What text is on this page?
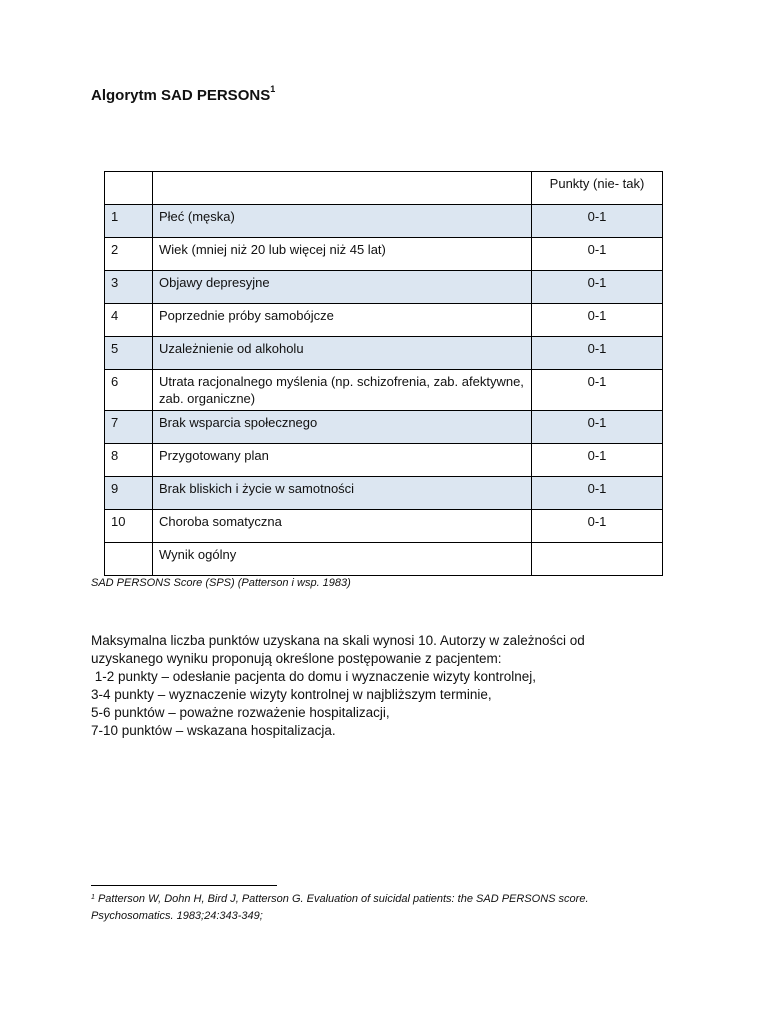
Algorytm SAD PERSONS$^1$
		Punkty (nie- tak)
1	Płeć (męska)	0-1
2	Wiek (mniej niż 20 lub więcej niż 45 lat)	0-1
3	Objawy depresyjne	0-1
4	Poprzednie próby samobójcze	0-1
5	Uzależnienie od alkoholu	0-1
6	Utrata racjonalnego myślenia (np. schizofrenia, zab. afektywne, zab. organiczne)	0-1
7	Brak wsparcia społecznego	0-1
8	Przygotowany plan	0-1
9	Brak bliskich i życie w samotności	0-1
10	Choroba somatyczna	0-1
	Wynik ogólny	
SAD PERSONS Score (SPS) (Patterson i wsp. 1983)

Maksymalna liczba punktów uzyskana na skali wynosi 10. Autorzy w zależności od

uzyskanego wyniku proponują określone postępowanie z pacjentem:

1-2 punkty – odesłanie pacjenta do domu i wyznaczenie wizyty kontrolnej,

3-4 punkty – wyznaczenie wizyty kontrolnej w najbliższym terminie,

5-6 punktów – poważne rozważenie hospitalizacji,

7-10 punktów – wskazana hospitalizacja.

$^1$ Patterson W, Dohn H, Bird J, Patterson G. Evaluation of suicidal patients: the SAD PERSONS score.

Psychosomatics. 1983;24:343-349;
